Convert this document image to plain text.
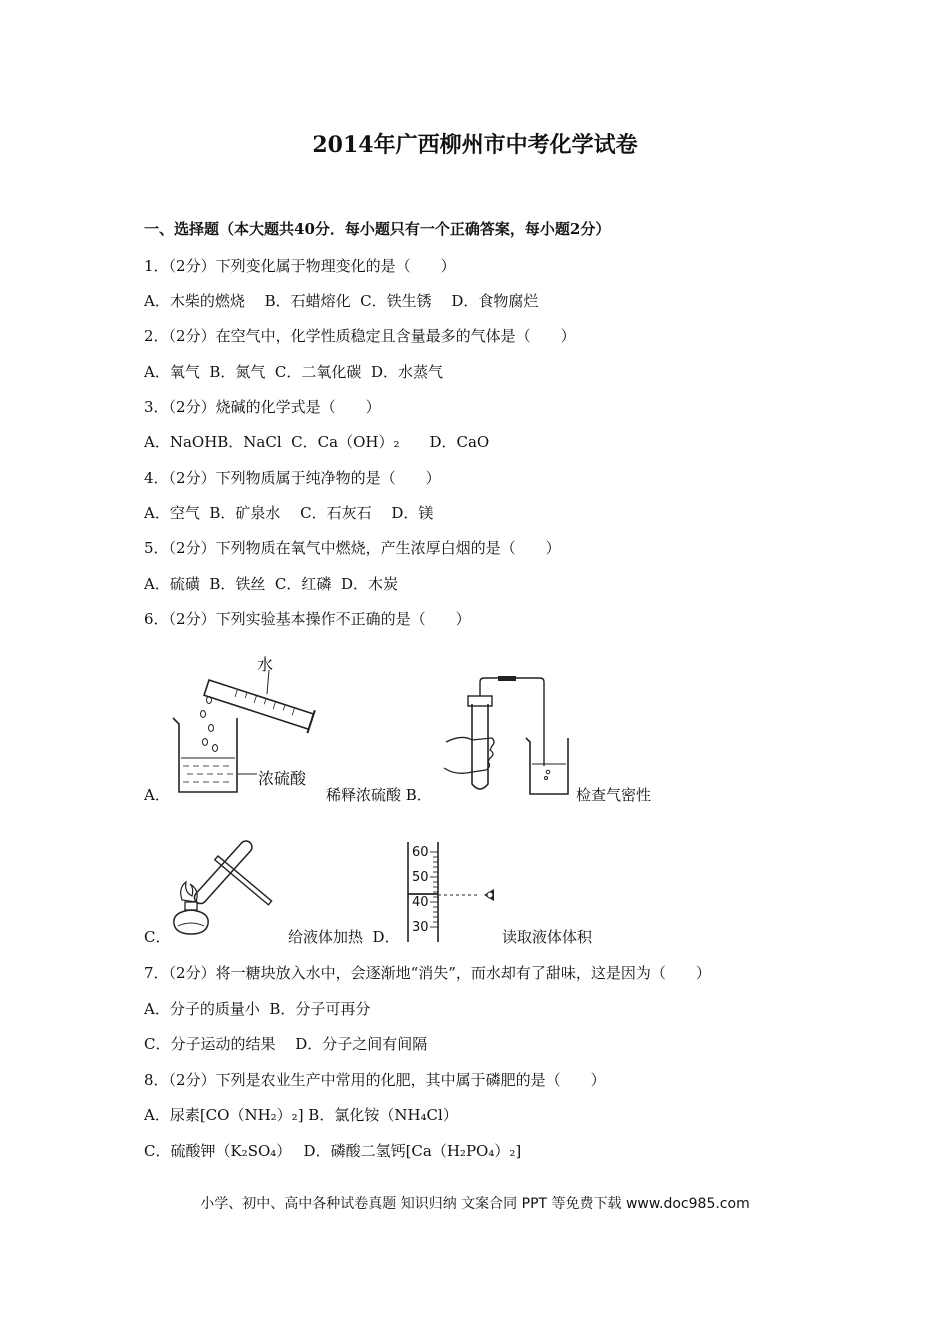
2014年广西柳州市中考化学试卷
一、选择题（本大题共40分．每小题只有一个正确答案，每小题2分）
1．（2分）下列变化属于物理变化的是（　　）
A．木柴的燃烧　 B．石蜡熔化  C．铁生锈　 D．食物腐烂
2．（2分）在空气中，化学性质稳定且含量最多的气体是（　　）
A．氧气  B．氮气  C．二氧化碳  D．水蒸气
3．（2分）烧碱的化学式是（　　）
A．NaOHB．NaCl  C．Ca（OH）₂　　D．CaO
4．（2分）下列物质属于纯净物的是（　　）
A．空气  B．矿泉水　 C．石灰石　 D．镁
5．（2分）下列物质在氧气中燃烧，产生浓厚白烟的是（　　）
A．硫磺  B．铁丝  C．红磷  D．木炭
6．（2分）下列实验基本操作不正确的是（　　）
A．
水
浓硫酸
稀释浓硫酸 B．	检查气密性
C．	给液体加热  D．
60
50
40
30
读取液体体积
7．（2分）将一糖块放入水中，会逐渐地“消失”，而水却有了甜味，这是因为（　　）
A．分子的质量小  B．分子可再分
C．分子运动的结果　 D．分子之间有间隔
8．（2分）下列是农业生产中常用的化肥，其中属于磷肥的是（　　）
A．尿素[CO（NH₂）₂] B．氯化铵（NH₄Cl）
C．硫酸钾（K₂SO₄）　 D．磷酸二氢钙[Ca（H₂PO₄）₂]
小学、初中、高中各种试卷真题 知识归纳 文案合同 PPT 等免费下载 www.doc985.com
